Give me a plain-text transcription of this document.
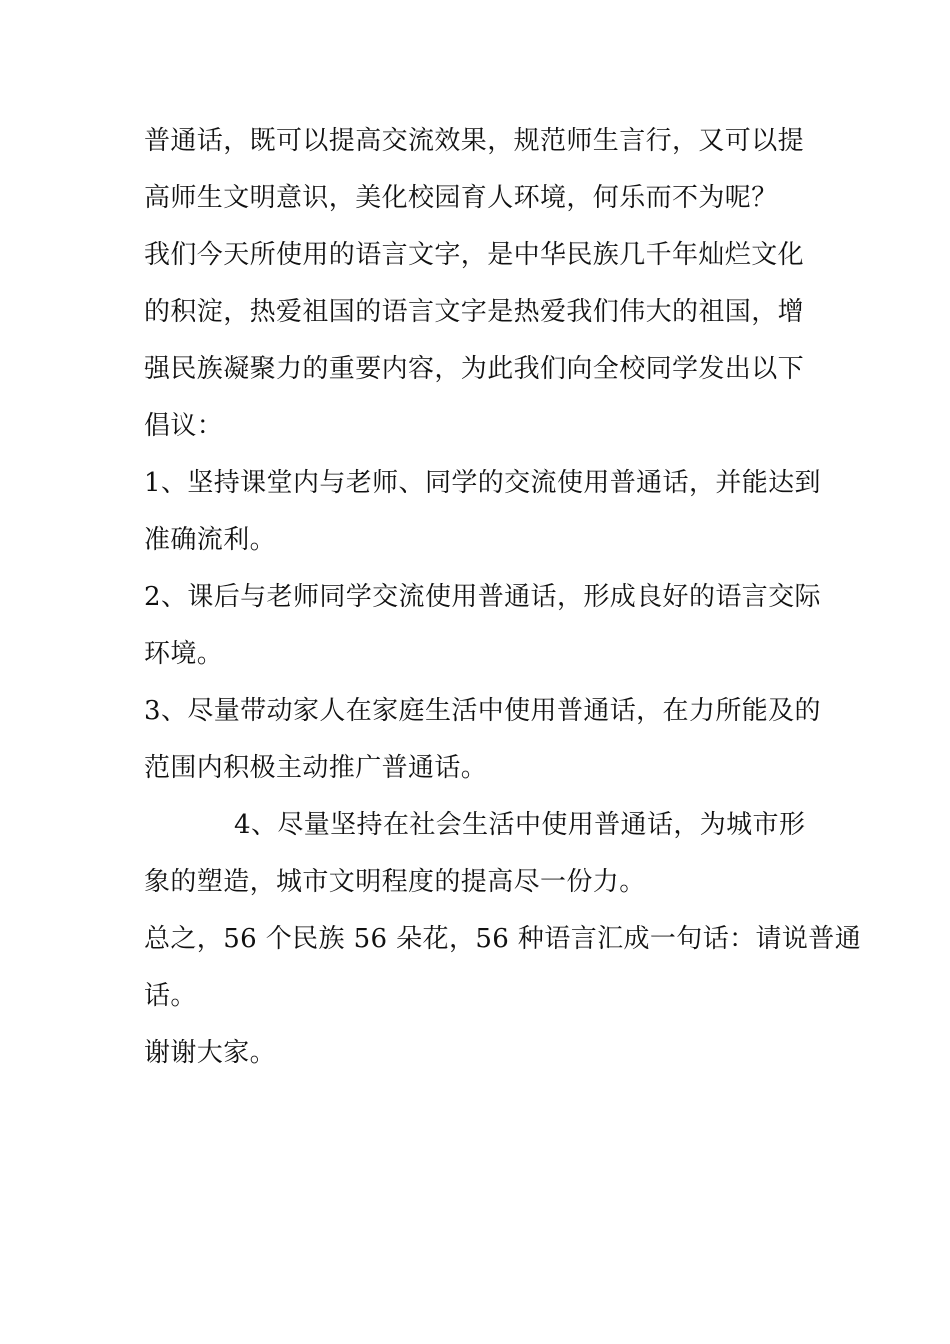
普通话，既可以提高交流效果，规范师生言行，又可以提
高师生文明意识，美化校园育人环境，何乐而不为呢？
我们今天所使用的语言文字，是中华民族几千年灿烂文化
的积淀，热爱祖国的语言文字是热爱我们伟大的祖国，增
强民族凝聚力的重要内容，为此我们向全校同学发出以下
倡议：
1、坚持课堂内与老师、同学的交流使用普通话，并能达到
准确流利。
2、课后与老师同学交流使用普通话，形成良好的语言交际
环境。
3、尽量带动家人在家庭生活中使用普通话，在力所能及的
范围内积极主动推广普通话。
4、尽量坚持在社会生活中使用普通话，为城市形
象的塑造，城市文明程度的提高尽一份力。
总之，56 个民族 56 朵花，56 种语言汇成一句话：请说普通
话。
谢谢大家。
